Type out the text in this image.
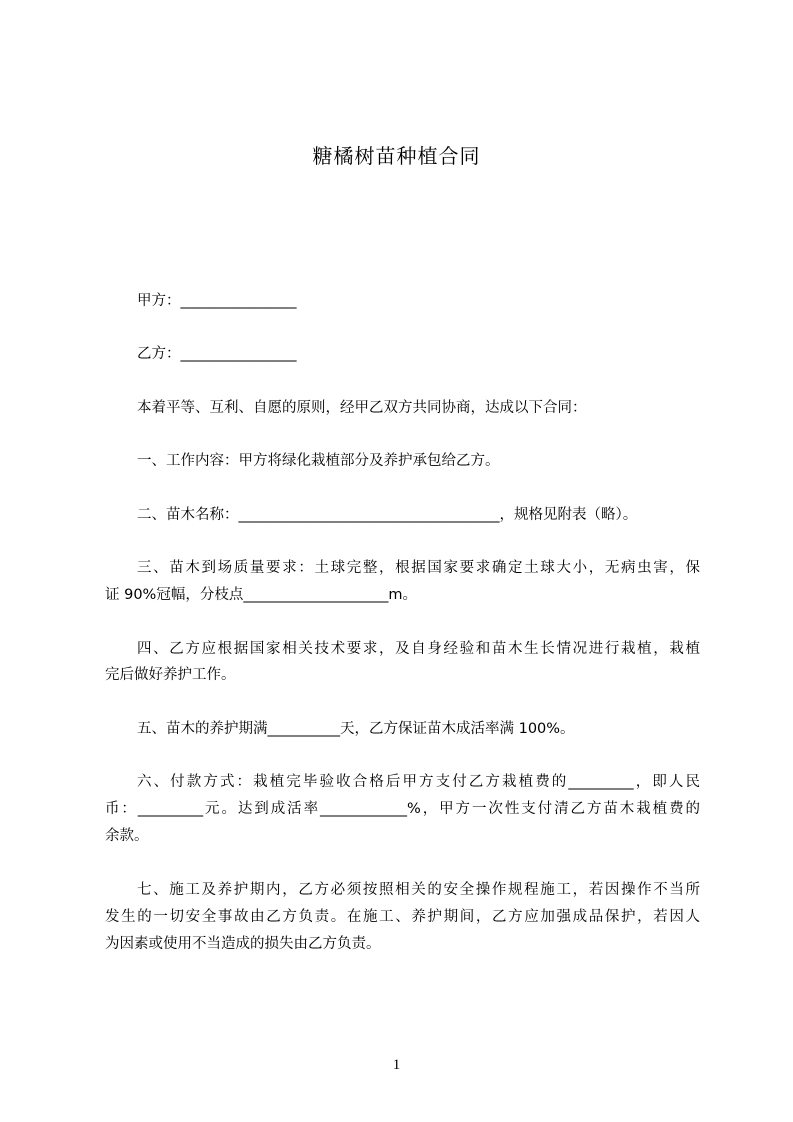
糖橘树苗种植合同
甲方：________________
乙方：________________
本着平等、互利、自愿的原则，经甲乙双方共同协商，达成以下合同：
一、工作内容：甲方将绿化栽植部分及养护承包给乙方。
二、苗木名称：____________________________________，规格见附表（略）。
三、苗木到场质量要求：土球完整，根据国家要求确定土球大小，无病虫害，保
证 90%冠幅，分枝点____________________m。
四、乙方应根据国家相关技术要求，及自身经验和苗木生长情况进行栽植，栽植
完后做好养护工作。
五、苗木的养护期满__________天，乙方保证苗木成活率满 100%。
六、付款方式：栽植完毕验收合格后甲方支付乙方栽植费的_________，即人民
币：_________元。达到成活率____________%，甲方一次性支付清乙方苗木栽植费的
余款。
七、施工及养护期内，乙方必须按照相关的安全操作规程施工，若因操作不当所
发生的一切安全事故由乙方负责。在施工、养护期间，乙方应加强成品保护，若因人
为因素或使用不当造成的损失由乙方负责。
1
